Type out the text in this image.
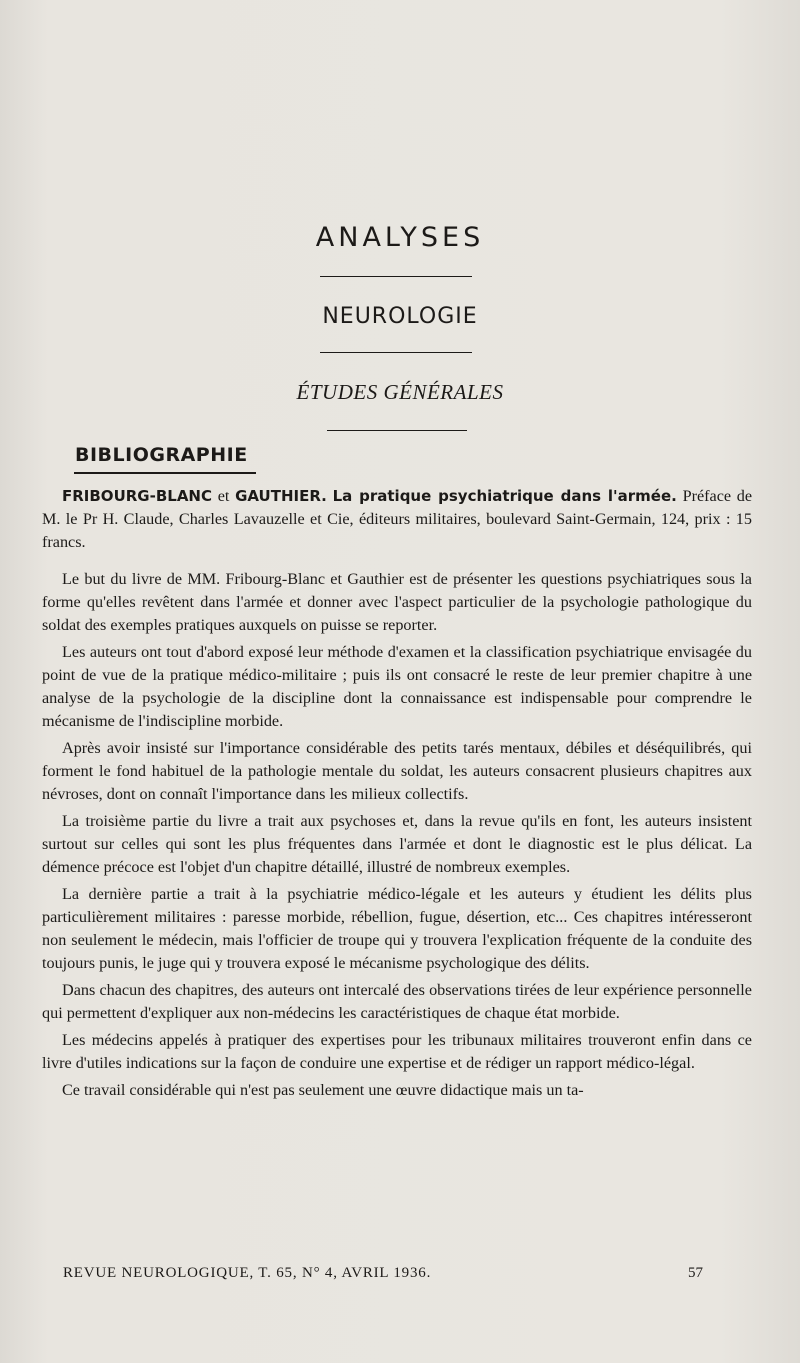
ANALYSES
NEUROLOGIE
ÉTUDES GÉNÉRALES
BIBLIOGRAPHIE

FRIBOURG-BLANC et GAUTHIER. La pratique psychiatrique dans l'armée. Préface de M. le Pr H. Claude, Charles Lavauzelle et Cie, éditeurs militaires, boulevard Saint-Germain, 124, prix : 15 francs.

Le but du livre de MM. Fribourg-Blanc et Gauthier est de présenter les questions psychiatriques sous la forme qu'elles revêtent dans l'armée et donner avec l'aspect particulier de la psychologie pathologique du soldat des exemples pratiques auxquels on puisse se reporter.

Les auteurs ont tout d'abord exposé leur méthode d'examen et la classification psychiatrique envisagée du point de vue de la pratique médico-militaire ; puis ils ont consacré le reste de leur premier chapitre à une analyse de la psychologie de la discipline dont la connaissance est indispensable pour comprendre le mécanisme de l'indiscipline morbide.

Après avoir insisté sur l'importance considérable des petits tarés mentaux, débiles et déséquilibrés, qui forment le fond habituel de la pathologie mentale du soldat, les auteurs consacrent plusieurs chapitres aux névroses, dont on connaît l'importance dans les milieux collectifs.

La troisième partie du livre a trait aux psychoses et, dans la revue qu'ils en font, les auteurs insistent surtout sur celles qui sont les plus fréquentes dans l'armée et dont le diagnostic est le plus délicat. La démence précoce est l'objet d'un chapitre détaillé, illustré de nombreux exemples.

La dernière partie a trait à la psychiatrie médico-légale et les auteurs y étudient les délits plus particulièrement militaires : paresse morbide, rébellion, fugue, désertion, etc... Ces chapitres intéresseront non seulement le médecin, mais l'officier de troupe qui y trouvera l'explication fréquente de la conduite des toujours punis, le juge qui y trouvera exposé le mécanisme psychologique des délits.

Dans chacun des chapitres, des auteurs ont intercalé des observations tirées de leur expérience personnelle qui permettent d'expliquer aux non-médecins les caractéristiques de chaque état morbide.

Les médecins appelés à pratiquer des expertises pour les tribunaux militaires trouveront enfin dans ce livre d'utiles indications sur la façon de conduire une expertise et de rédiger un rapport médico-légal.

Ce travail considérable qui n'est pas seulement une œuvre didactique mais un ta-

REVUE NEUROLOGIQUE, T. 65, N° 4, AVRIL 1936.	57
